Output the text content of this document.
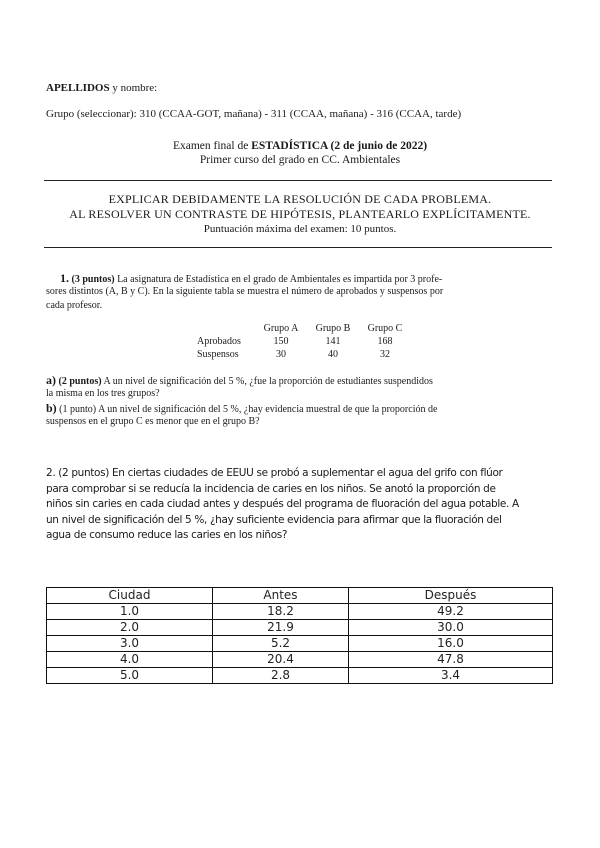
APELLIDOS y nombre:
Grupo (seleccionar): 310 (CCAA-GOT, mañana) - 311 (CCAA, mañana) - 316 (CCAA, tarde)
Examen final de ESTADÍSTICA (2 de junio de 2022)
Primer curso del grado en CC. Ambientales
EXPLICAR DEBIDAMENTE LA RESOLUCIÓN DE CADA PROBLEMA.
AL RESOLVER UN CONTRASTE DE HIPÓTESIS, PLANTEARLO EXPLÍCITAMENTE.
Puntuación máxima del examen: 10 puntos.
1. (3 puntos) La asignatura de Estadística en el grado de Ambientales es impartida por 3 profe-
sores distintos (A, B y C). En la siguiente tabla se muestra el número de aprobados y suspensos por
cada profesor.
	Grupo A	Grupo B	Grupo C
Aprobados	150	141	168
Suspensos	30	40	32
a) (2 puntos) A un nivel de significación del 5 %, ¿fue la proporción de estudiantes suspendidos
la misma en los tres grupos?
b) (1 punto) A un nivel de significación del 5 %, ¿hay evidencia muestral de que la proporción de
suspensos en el grupo C es menor que en el grupo B?
2. (2 puntos) En ciertas ciudades de EEUU se probó a suplementar el agua del grifo con flúor
para comprobar si se reducía la incidencia de caries en los niños. Se anotó la proporción de
niños sin caries en cada ciudad antes y después del programa de fluoración del agua potable. A
un nivel de significación del 5 %, ¿hay suficiente evidencia para afirmar que la fluoración del
agua de consumo reduce las caries en los niños?
Ciudad	Antes	Después
1.0	18.2	49.2
2.0	21.9	30.0
3.0	5.2	16.0
4.0	20.4	47.8
5.0	2.8	3.4
